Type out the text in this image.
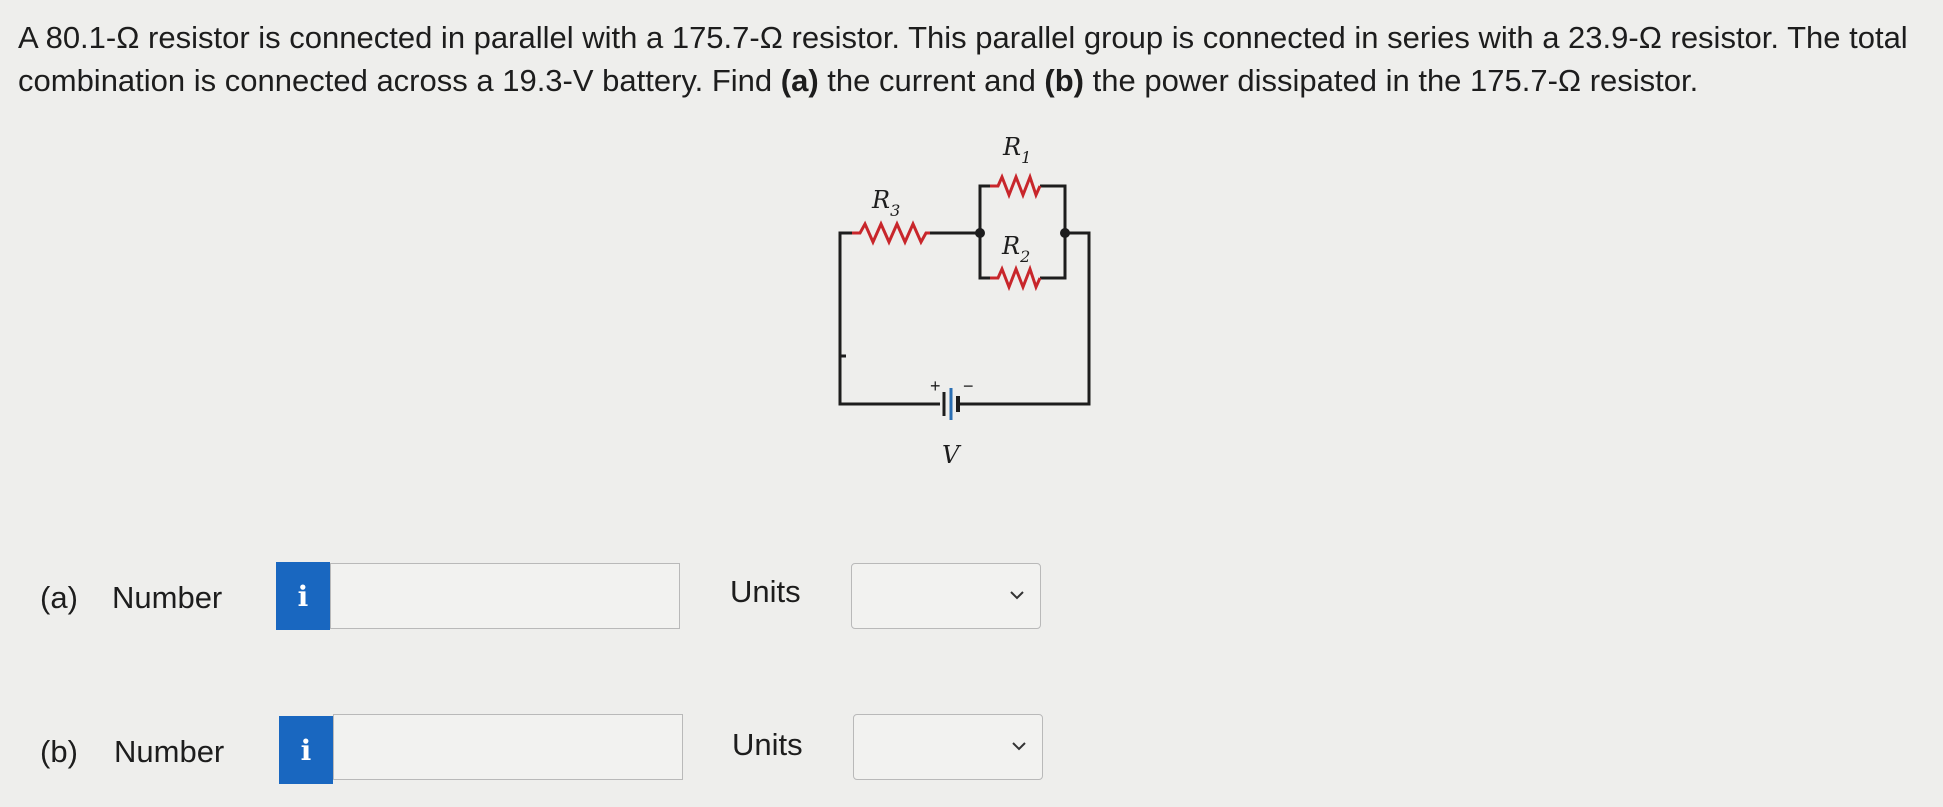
A 80.1-Ω resistor is connected in parallel with a 175.7-Ω resistor. This parallel group is connected in series with a 23.9-Ω resistor. The total combination is connected across a 19.3-V battery. Find (a) the current and (b) the power dissipated in the 175.7-Ω resistor.

+ −
$R_3$
$R_1$
$R_2$
V
(a) Number	i	Units
(b) Number	i	Units
